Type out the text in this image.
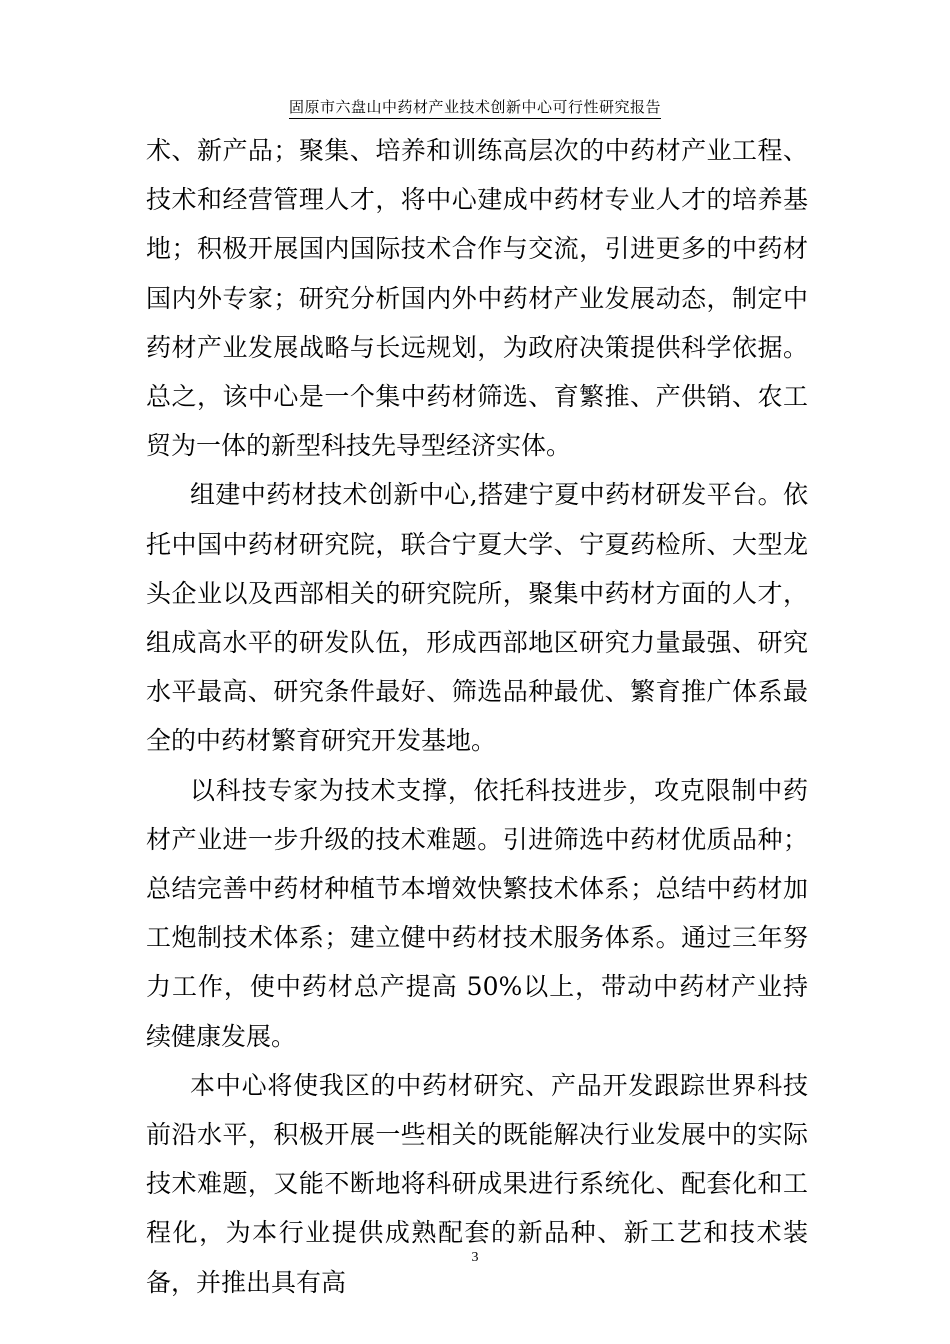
固原市六盘山中药材产业技术创新中心可行性研究报告

术、新产品；聚集、培养和训练高层次的中药材产业工程、技术和经营管理人才，将中心建成中药材专业人才的培养基地；积极开展国内国际技术合作与交流，引进更多的中药材国内外专家；研究分析国内外中药材产业发展动态，制定中药材产业发展战略与长远规划，为政府决策提供科学依据。总之，该中心是一个集中药材筛选、育繁推、产供销、农工贸为一体的新型科技先导型经济实体。

组建中药材技术创新中心,搭建宁夏中药材研发平台。依托中国中药材研究院，联合宁夏大学、宁夏药检所、大型龙头企业以及西部相关的研究院所，聚集中药材方面的人才，组成高水平的研发队伍，形成西部地区研究力量最强、研究水平最高、研究条件最好、筛选品种最优、繁育推广体系最全的中药材繁育研究开发基地。

以科技专家为技术支撑，依托科技进步，攻克限制中药材产业进一步升级的技术难题。引进筛选中药材优质品种；总结完善中药材种植节本增效快繁技术体系；总结中药材加工炮制技术体系；建立健中药材技术服务体系。通过三年努力工作，使中药材总产提高 50%以上，带动中药材产业持续健康发展。

本中心将使我区的中药材研究、产品开发跟踪世界科技前沿水平，积极开展一些相关的既能解决行业发展中的实际技术难题，又能不断地将科研成果进行系统化、配套化和工程化，为本行业提供成熟配套的新品种、新工艺和技术装备，并推出具有高

3
